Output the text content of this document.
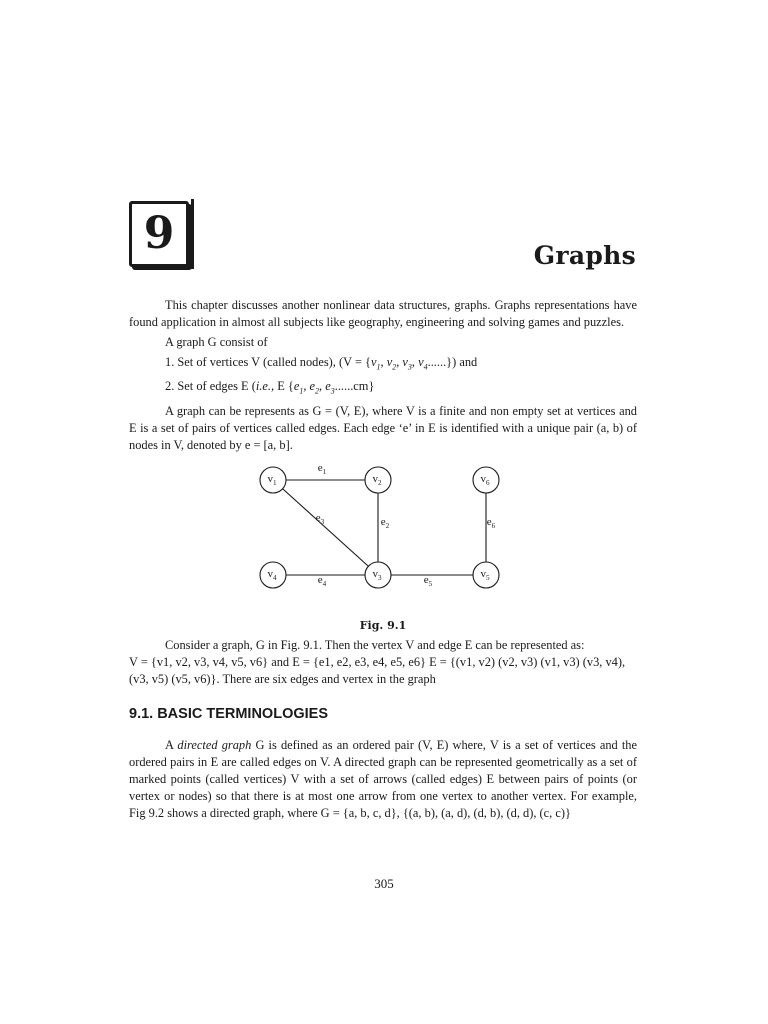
9	Graphs

This chapter discusses another nonlinear data structures, graphs. Graphs representations have found application in almost all subjects like geography, engineering and solving games and puzzles.

A graph G consist of

1. Set of vertices V (called nodes), ($V = \{v_1$, $v_2$, $v_3$, $v_4$......}) and

2. Set of edges E (i.e., E {$e_1$, $e_2$, $e_3......cm$}

A graph can be represents as G = (V, E), where V is a finite and non empty set at vertices and E is a set of pairs of vertices called edges. Each edge ‘e’ in E is identified with a unique pair (a, b) of nodes in V, denoted by e = [a, b].

$e_1$
$e_2$
$e_3$
$e_4$	$e_5$
$e_6$
$v_1$	$v_2$
$v_3$
$v_4$	$v_5$
$v_6$
Fig. 9.1

Consider a graph, G in Fig. 9.1. Then the vertex V and edge E can be represented as:

V = {v1, v2, v3, v4, v5, v6} and E = {e1, e2, e3, e4, e5, e6} E = {(v1, v2) (v2, v3) (v1, v3) (v3, v4),

(v3, v5) (v5, v6)}. There are six edges and vertex in the graph

9.1. BASIC TERMINOLOGIES

A directed graph G is defined as an ordered pair (V, E) where, V is a set of vertices and the ordered pairs in E are called edges on V. A directed graph can be represented geometrically as a set of marked points (called vertices) V with a set of arrows (called edges) E between pairs of points (or vertex or nodes) so that there is at most one arrow from one vertex to another vertex. For example, Fig 9.2 shows a directed graph, where G = {a, b, c, d}, {(a, b), (a, d), (d, b), (d, d), (c, c)}

305
